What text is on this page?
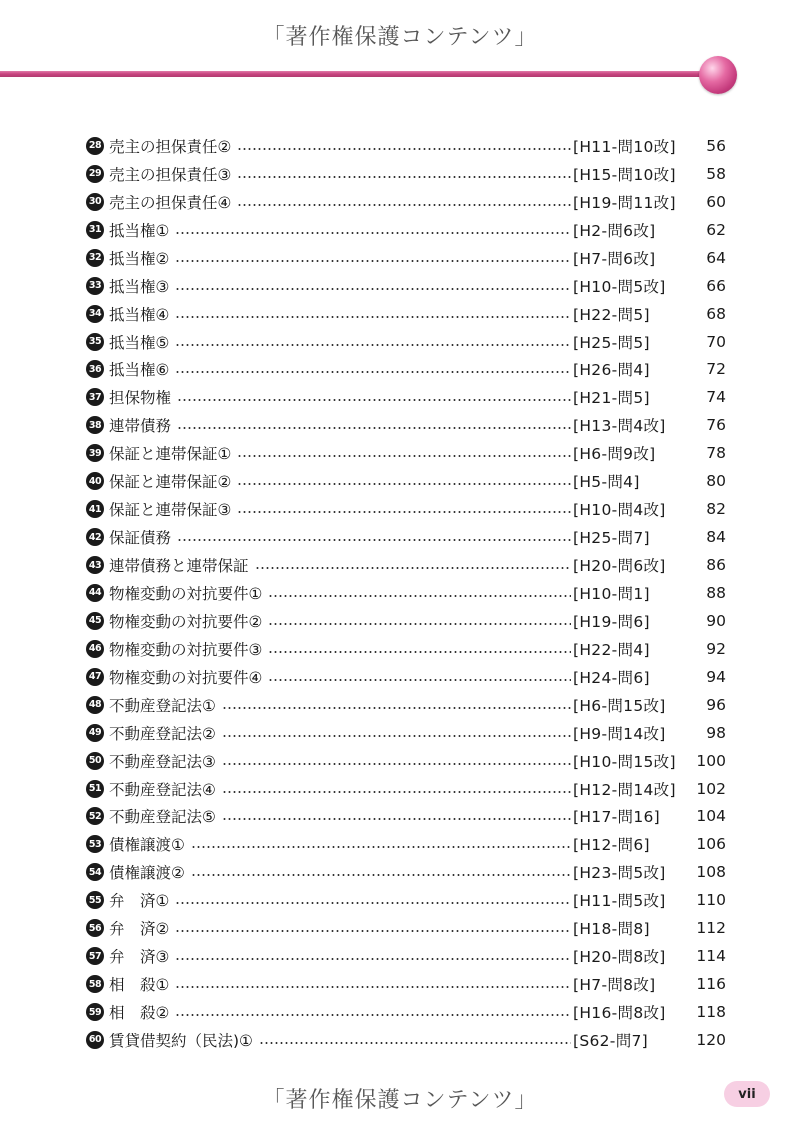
「著作権保護コンテンツ」
28 売主の担保責任②	[H11-問10改]	56
29 売主の担保責任③	[H15-問10改]	58
30 売主の担保責任④	[H19-問11改]	60
31 抵当権①	[H2-問6改]	62
32 抵当権②	[H7-問6改]	64
33 抵当権③	[H10-問5改]	66
34 抵当権④	[H22-問5]	68
35 抵当権⑤	[H25-問5]	70
36 抵当権⑥	[H26-問4]	72
37 担保物権	[H21-問5]	74
38 連帯債務	[H13-問4改]	76
39 保証と連帯保証①	[H6-問9改]	78
40 保証と連帯保証②	[H5-問4]	80
41 保証と連帯保証③	[H10-問4改]	82
42 保証債務	[H25-問7]	84
43 連帯債務と連帯保証	[H20-問6改]	86
44 物権変動の対抗要件①	[H10-問1]	88
45 物権変動の対抗要件②	[H19-問6]	90
46 物権変動の対抗要件③	[H22-問4]	92
47 物権変動の対抗要件④	[H24-問6]	94
48 不動産登記法①	[H6-問15改]	96
49 不動産登記法②	[H9-問14改]	98
50 不動産登記法③	[H10-問15改]	100
51 不動産登記法④	[H12-問14改]	102
52 不動産登記法⑤	[H17-問16]	104
53 債権譲渡①	[H12-問6]	106
54 債権譲渡②	[H23-問5改]	108
55 弁　済①	[H11-問5改]	110
56 弁　済②	[H18-問8]	112
57 弁　済③	[H20-問8改]	114
58 相　殺①	[H7-問8改]	116
59 相　殺②	[H16-問8改]	118
60 賃貸借契約（民法)①	[S62-問7]	120
「著作権保護コンテンツ」	vii
